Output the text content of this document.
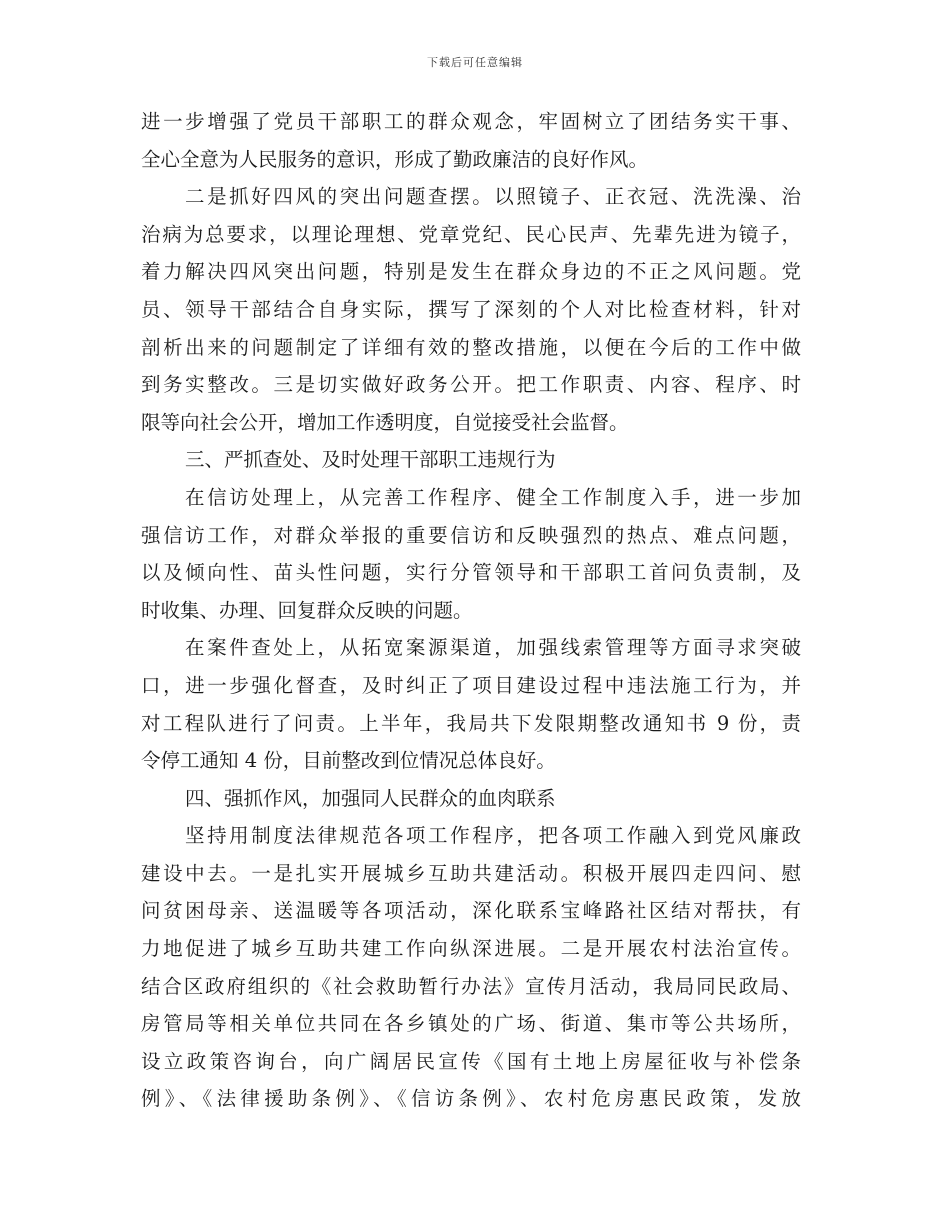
下载后可任意编辑
进一步增强了党员干部职工的群众观念，牢固树立了团结务实干事、
全心全意为人民服务的意识，形成了勤政廉洁的良好作风。
二是抓好四风的突出问题查摆。以照镜子、正衣冠、洗洗澡、治
治病为总要求，以理论理想、党章党纪、民心民声、先辈先进为镜子，
着力解决四风突出问题，特别是发生在群众身边的不正之风问题。党
员、领导干部结合自身实际，撰写了深刻的个人对比检查材料，针对
剖析出来的问题制定了详细有效的整改措施，以便在今后的工作中做
到务实整改。三是切实做好政务公开。把工作职责、内容、程序、时
限等向社会公开，增加工作透明度，自觉接受社会监督。
三、严抓查处、及时处理干部职工违规行为
在信访处理上，从完善工作程序、健全工作制度入手，进一步加
强信访工作，对群众举报的重要信访和反映强烈的热点、难点问题，
以及倾向性、苗头性问题，实行分管领导和干部职工首问负责制，及
时收集、办理、回复群众反映的问题。
在案件查处上，从拓宽案源渠道，加强线索管理等方面寻求突破
口，进一步强化督查，及时纠正了项目建设过程中违法施工行为，并
对工程队进行了问责。上半年，我局共下发限期整改通知书 9 份，责
令停工通知 4 份，目前整改到位情况总体良好。
四、强抓作风，加强同人民群众的血肉联系
坚持用制度法律规范各项工作程序，把各项工作融入到党风廉政
建设中去。一是扎实开展城乡互助共建活动。积极开展四走四问、慰
问贫困母亲、送温暖等各项活动，深化联系宝峰路社区结对帮扶，有
力地促进了城乡互助共建工作向纵深进展。二是开展农村法治宣传。
结合区政府组织的《社会救助暂行办法》宣传月活动，我局同民政局、
房管局等相关单位共同在各乡镇处的广场、街道、集市等公共场所，
设立政策咨询台，向广阔居民宣传《国有土地上房屋征收与补偿条
例》、《法律援助条例》、《信访条例》、农村危房惠民政策，发放
